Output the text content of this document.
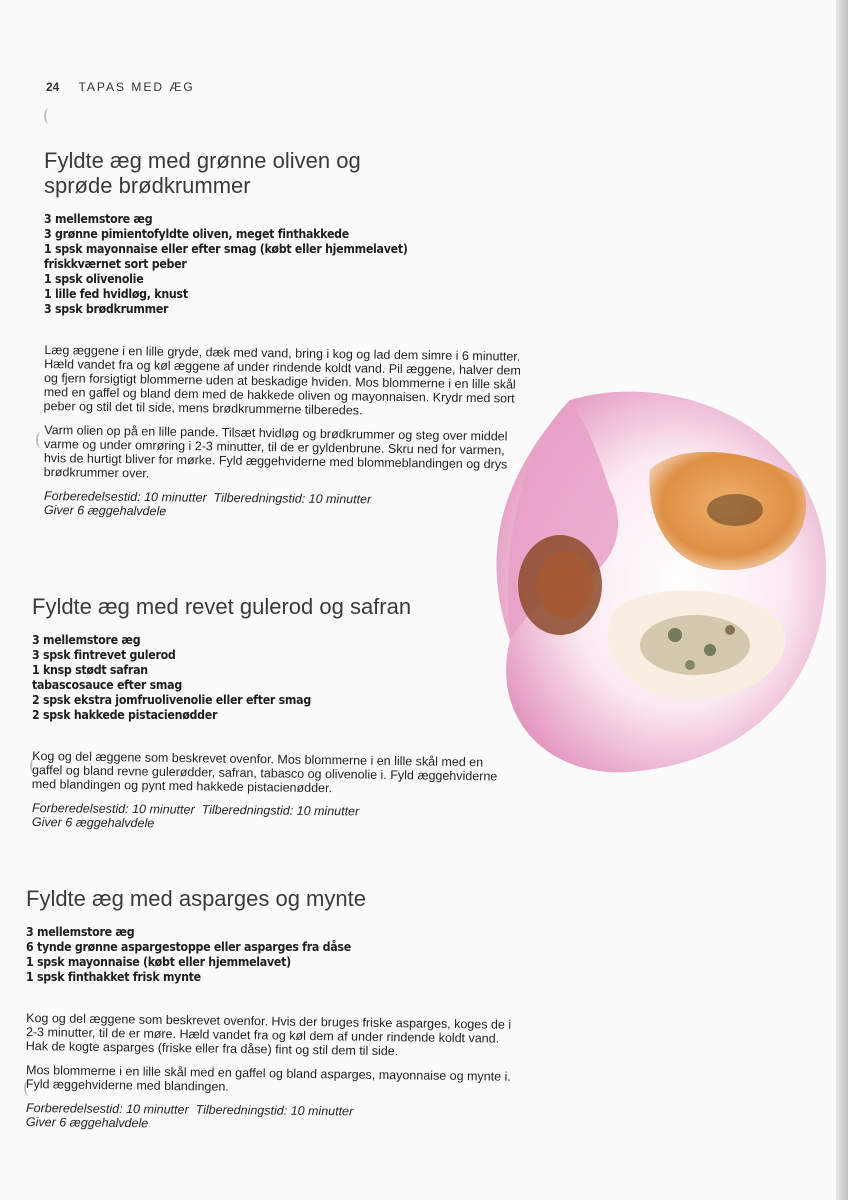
24 TAPAS MED ÆG
Fyldte æg med grønne oliven og sprøde brødkrummer
3 mellemstore æg
3 grønne pimientofyldte oliven, meget finthakkede
1 spsk mayonnaise eller efter smag (købt eller hjemmelavet)
friskkværnet sort peber
1 spsk olivenolie
1 lille fed hvidløg, knust
3 spsk brødkrummer

Læg æggene i en lille gryde, dæk med vand, bring i kog og lad dem simre i 6 minutter. Hæld vandet fra og køl æggene af under rindende koldt vand. Pil æggene, halver dem og fjern forsigtigt blommerne uden at beskadige hviden. Mos blommerne i en lille skål med en gaffel og bland dem med de hakkede oliven og mayonnaisen. Krydr med sort peber og stil det til side, mens brødkrummerne tilberedes.

Varm olien op på en lille pande. Tilsæt hvidløg og brødkrummer og steg over middel varme og under omrøring i 2-3 minutter, til de er gyldenbrune. Skru ned for varmen, hvis de hurtigt bliver for mørke. Fyld æggehviderne med blommeblandingen og drys brødkrummer over.

Forberedelsestid: 10 minutter Tilberedningstid: 10 minutter
Giver 6 æggehalvdele

Fyldte æg med revet gulerod og safran
3 mellemstore æg
3 spsk fintrevet gulerod
1 knsp stødt safran
tabascosauce efter smag
2 spsk ekstra jomfruolivenolie eller efter smag
2 spsk hakkede pistacienødder

Kog og del æggene som beskrevet ovenfor. Mos blommerne i en lille skål med en gaffel og bland revne gulerødder, safran, tabasco og olivenolie i. Fyld æggehviderne med blandingen og pynt med hakkede pistacienødder.

Forberedelsestid: 10 minutter Tilberedningstid: 10 minutter
Giver 6 æggehalvdele

Fyldte æg med asparges og mynte
3 mellemstore æg
6 tynde grønne aspargestoppe eller asparges fra dåse
1 spsk mayonnaise (købt eller hjemmelavet)
1 spsk finthakket frisk mynte

Kog og del æggene som beskrevet ovenfor. Hvis der bruges friske asparges, koges de i 2-3 minutter, til de er møre. Hæld vandet fra og køl dem af under rindende koldt vand. Hak de kogte asparges (friske eller fra dåse) fint og stil dem til side.

Mos blommerne i en lille skål med en gaffel og bland asparges, mayonnaise og mynte i. Fyld æggehviderne med blandingen.

Forberedelsestid: 10 minutter Tilberedningstid: 10 minutter
Giver 6 æggehalvdele
